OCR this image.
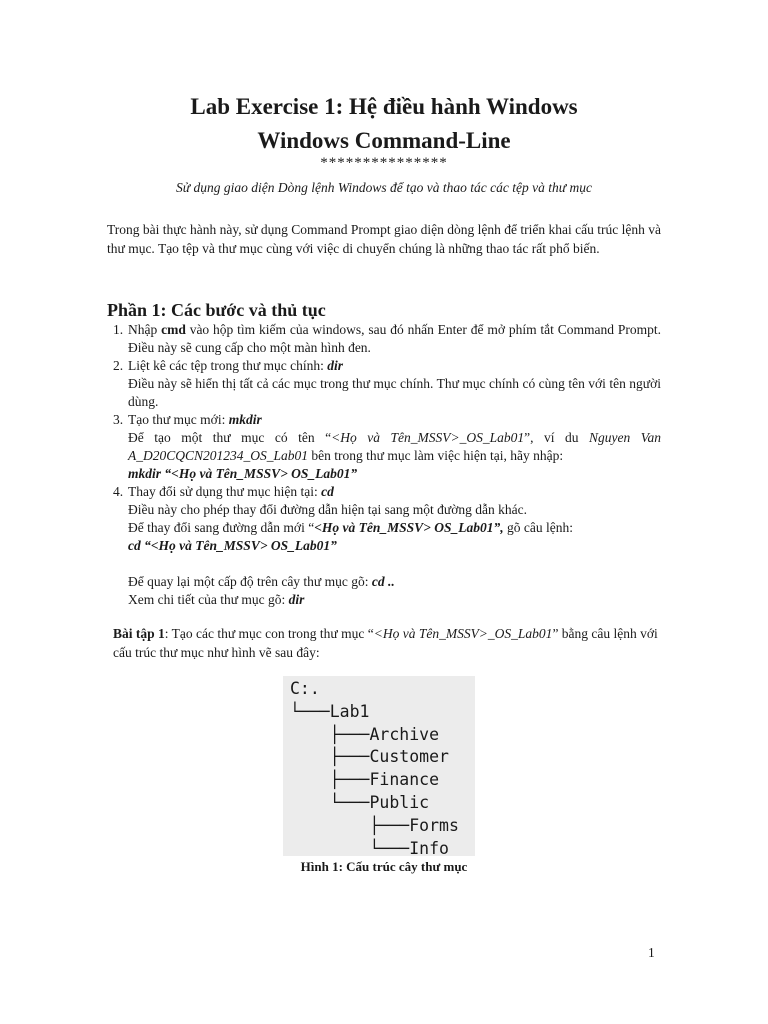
Lab Exercise 1: Hệ điều hành Windows
Windows Command-Line
***************
Sử dụng giao diện Dòng lệnh Windows để tạo và thao tác các tệp và thư mục

Trong bài thực hành này, sử dụng Command Prompt giao diện dòng lệnh để triển khai cấu trúc lệnh và thư mục. Tạo tệp và thư mục cùng với việc di chuyển chúng là những thao tác rất phổ biến.

Phần 1: Các bước và thủ tục
1. Nhập cmd vào hộp tìm kiếm của windows, sau đó nhấn Enter để mở phím tắt Command Prompt. Điều này sẽ cung cấp cho một màn hình đen.
2. Liệt kê các tệp trong thư mục chính: dir
Điều này sẽ hiển thị tất cả các mục trong thư mục chính. Thư mục chính có cùng tên với tên người dùng.
3. Tạo thư mục mới: mkdir
Để tạo một thư mục có tên “<Họ và Tên_MSSV>_OS_Lab01”, ví du Nguyen Van A_D20CQCN201234_OS_Lab01 bên trong thư mục làm việc hiện tại, hãy nhập:
mkdir “<Họ và Tên_MSSV> OS_Lab01”
4. Thay đổi sử dụng thư mục hiện tại: cd
Điều này cho phép thay đổi đường dẫn hiện tại sang một đường dẫn khác.
Để thay đổi sang đường dẫn mới “<Họ và Tên_MSSV> OS_Lab01”, gõ câu lệnh:
cd “<Họ và Tên_MSSV> OS_Lab01”
Để quay lại một cấp độ trên cây thư mục gõ: cd ..
Xem chi tiết của thư mục gõ: dir

Bài tập 1: Tạo các thư mục con trong thư mục “<Họ và Tên_MSSV>_OS_Lab01” bằng câu lệnh với cấu trúc thư mục như hình vẽ sau đây:

C:.
└───Lab1
├───Archive
├───Customer
├───Finance
└───Public
├───Forms
└───Info
Hình 1: Cấu trúc cây thư mục
1
